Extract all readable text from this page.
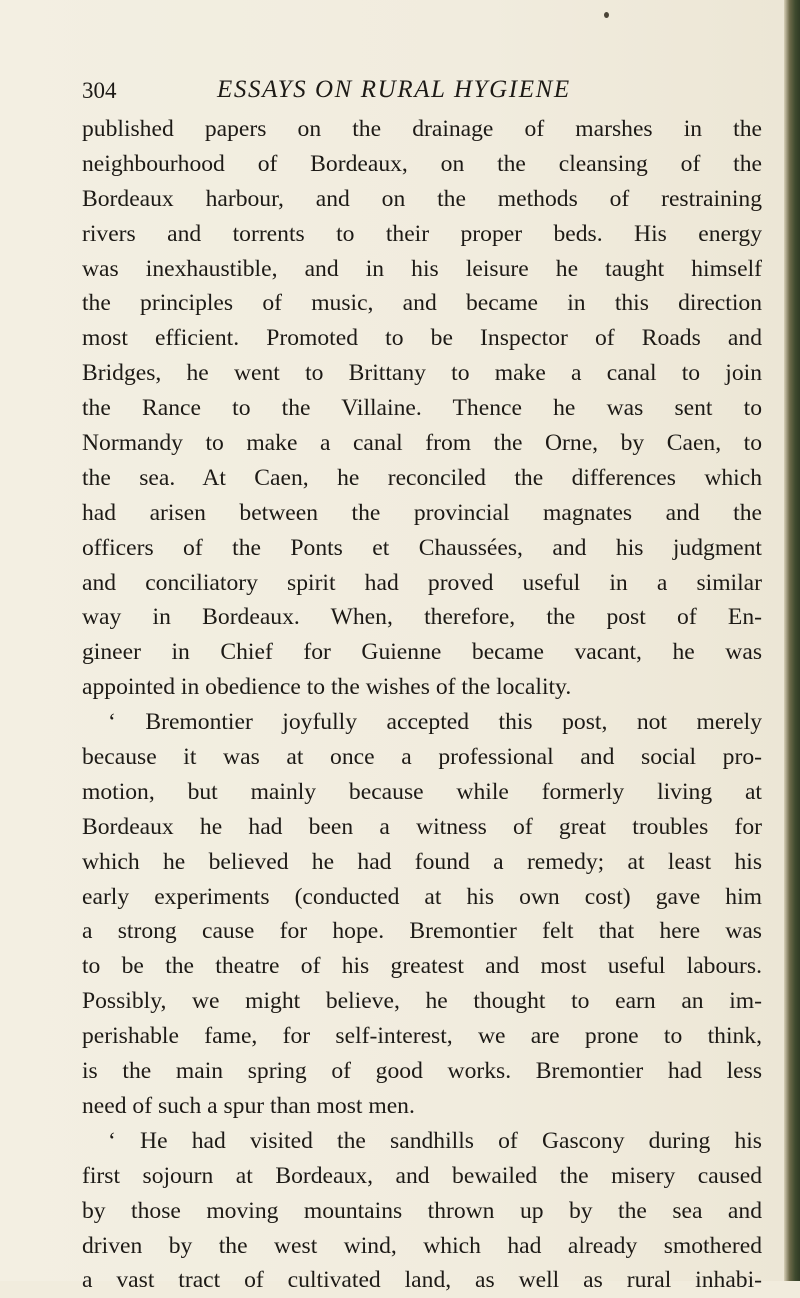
304	ESSAYS ON RURAL HYGIENE
published papers on the drainage of marshes in the
neighbourhood of Bordeaux, on the cleansing of the
Bordeaux harbour, and on the methods of restraining
rivers and torrents to their proper beds. His energy
was inexhaustible, and in his leisure he taught himself
the principles of music, and became in this direction
most efficient. Promoted to be Inspector of Roads and
Bridges, he went to Brittany to make a canal to join
the Rance to the Villaine. Thence he was sent to
Normandy to make a canal from the Orne, by Caen, to
the sea. At Caen, he reconciled the differences which
had arisen between the provincial magnates and the
officers of the Ponts et Chaussées, and his judgment
and conciliatory spirit had proved useful in a similar
way in Bordeaux. When, therefore, the post of En-
gineer in Chief for Guienne became vacant, he was
appointed in obedience to the wishes of the locality.
‘ Bremontier joyfully accepted this post, not merely
because it was at once a professional and social pro-
motion, but mainly because while formerly living at
Bordeaux he had been a witness of great troubles for
which he believed he had found a remedy; at least his
early experiments (conducted at his own cost) gave him
a strong cause for hope. Bremontier felt that here was
to be the theatre of his greatest and most useful labours.
Possibly, we might believe, he thought to earn an im-
perishable fame, for self-interest, we are prone to think,
is the main spring of good works. Bremontier had less
need of such a spur than most men.
‘ He had visited the sandhills of Gascony during his
first sojourn at Bordeaux, and bewailed the misery caused
by those moving mountains thrown up by the sea and
driven by the west wind, which had already smothered
a vast tract of cultivated land, as well as rural inhabi-
